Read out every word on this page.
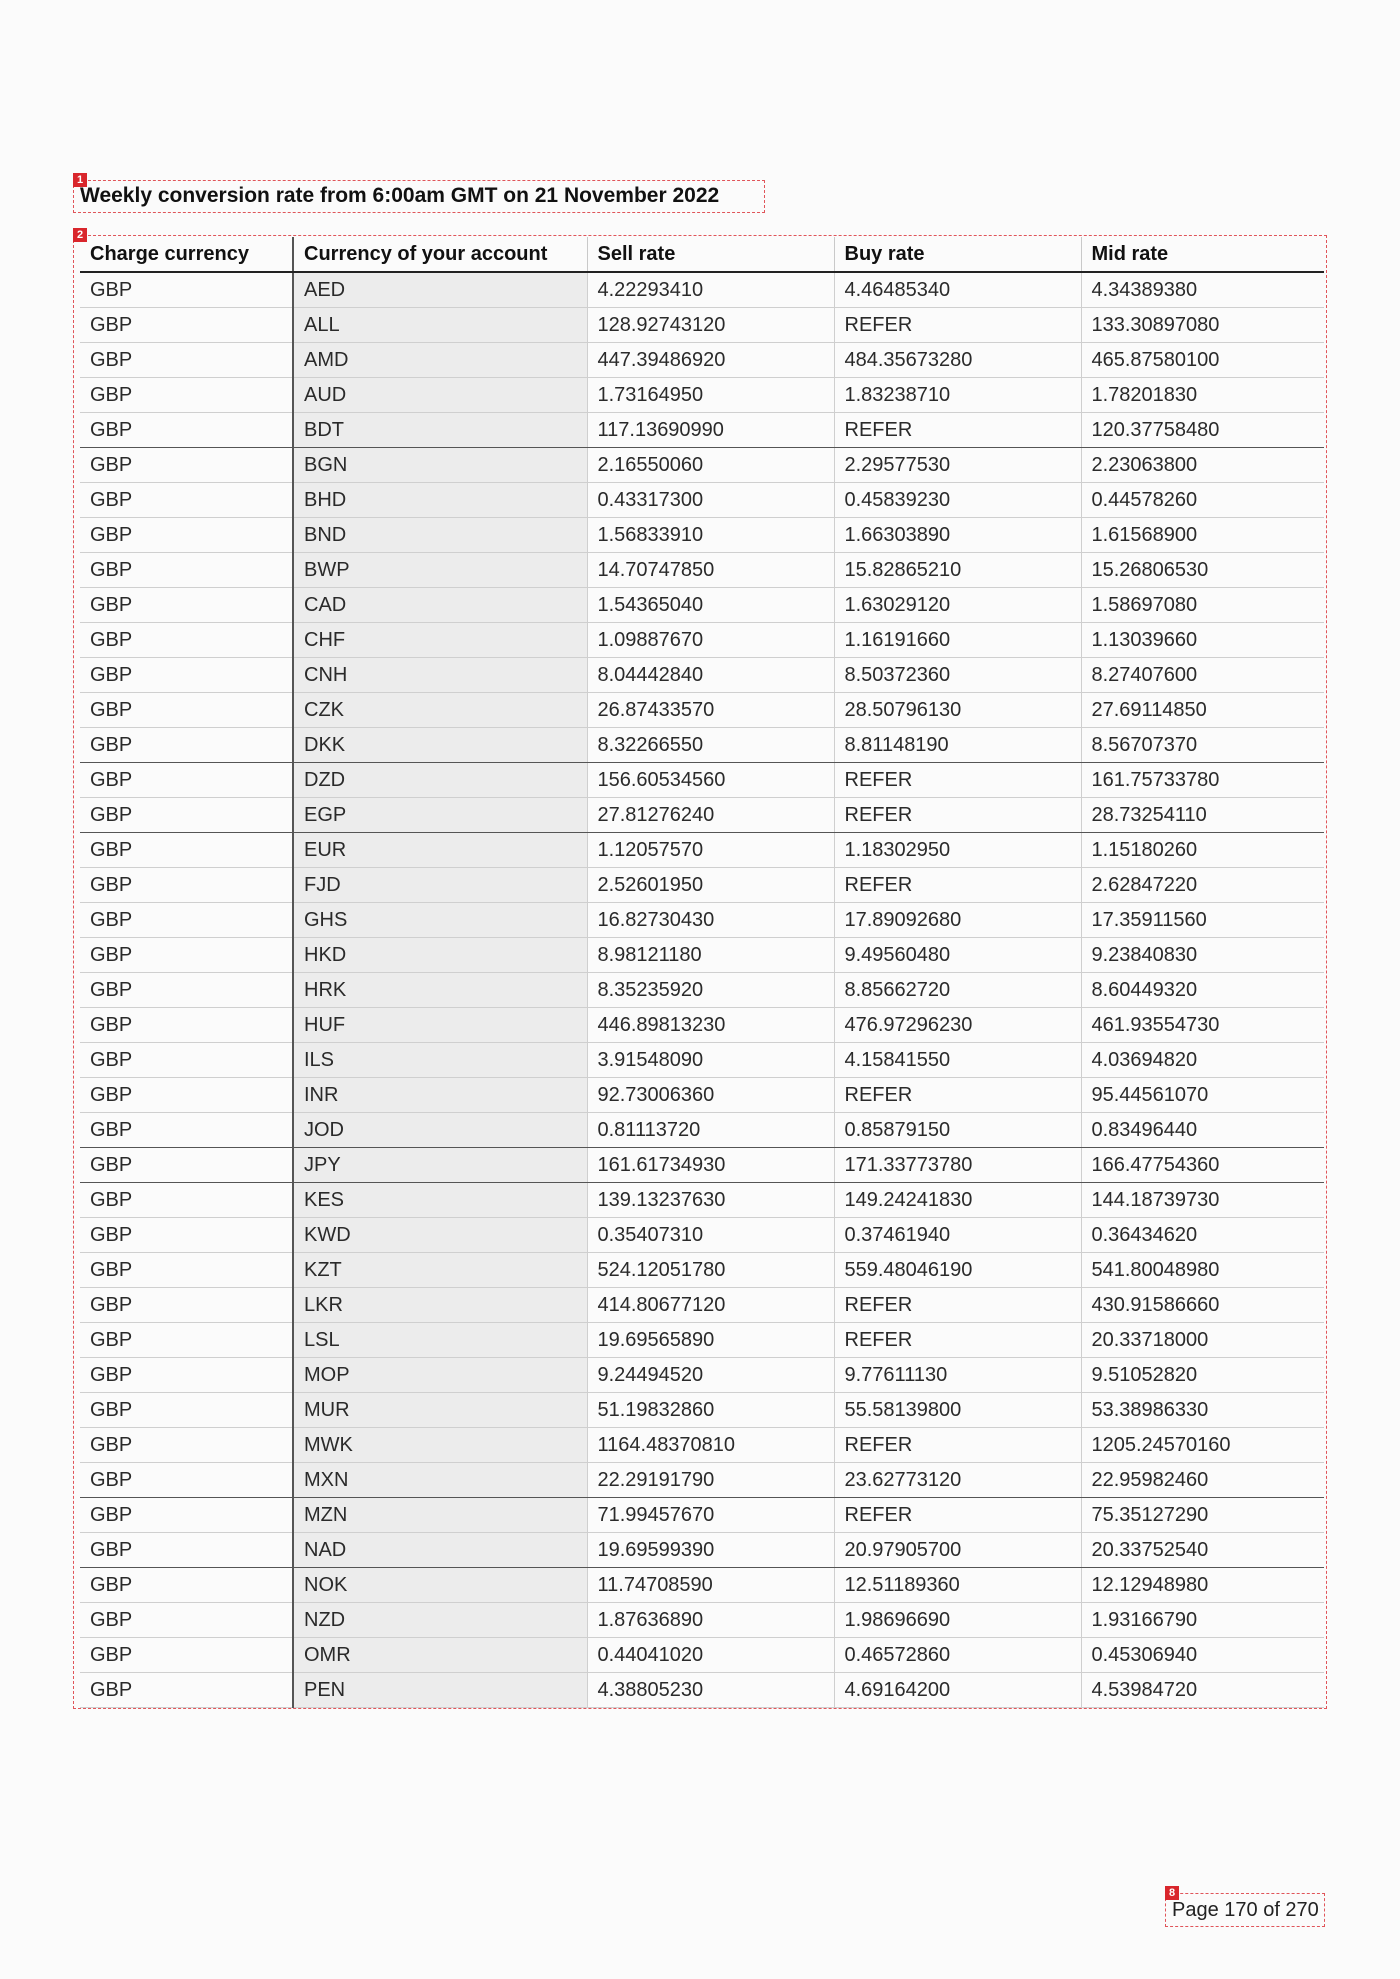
1
2
8
Weekly conversion rate from 6:00am GMT on 21 November 2022
Charge currency	Currency of your account	Sell rate	Buy rate	Mid rate
GBP	AED	4.22293410	4.46485340	4.34389380
GBP	ALL	128.92743120	REFER	133.30897080
GBP	AMD	447.39486920	484.35673280	465.87580100
GBP	AUD	1.73164950	1.83238710	1.78201830
GBP	BDT	117.13690990	REFER	120.37758480
GBP	BGN	2.16550060	2.29577530	2.23063800
GBP	BHD	0.43317300	0.45839230	0.44578260
GBP	BND	1.56833910	1.66303890	1.61568900
GBP	BWP	14.70747850	15.82865210	15.26806530
GBP	CAD	1.54365040	1.63029120	1.58697080
GBP	CHF	1.09887670	1.16191660	1.13039660
GBP	CNH	8.04442840	8.50372360	8.27407600
GBP	CZK	26.87433570	28.50796130	27.69114850
GBP	DKK	8.32266550	8.81148190	8.56707370
GBP	DZD	156.60534560	REFER	161.75733780
GBP	EGP	27.81276240	REFER	28.73254110
GBP	EUR	1.12057570	1.18302950	1.15180260
GBP	FJD	2.52601950	REFER	2.62847220
GBP	GHS	16.82730430	17.89092680	17.35911560
GBP	HKD	8.98121180	9.49560480	9.23840830
GBP	HRK	8.35235920	8.85662720	8.60449320
GBP	HUF	446.89813230	476.97296230	461.93554730
GBP	ILS	3.91548090	4.15841550	4.03694820
GBP	INR	92.73006360	REFER	95.44561070
GBP	JOD	0.81113720	0.85879150	0.83496440
GBP	JPY	161.61734930	171.33773780	166.47754360
GBP	KES	139.13237630	149.24241830	144.18739730
GBP	KWD	0.35407310	0.37461940	0.36434620
GBP	KZT	524.12051780	559.48046190	541.80048980
GBP	LKR	414.80677120	REFER	430.91586660
GBP	LSL	19.69565890	REFER	20.33718000
GBP	MOP	9.24494520	9.77611130	9.51052820
GBP	MUR	51.19832860	55.58139800	53.38986330
GBP	MWK	1164.48370810	REFER	1205.24570160
GBP	MXN	22.29191790	23.62773120	22.95982460
GBP	MZN	71.99457670	REFER	75.35127290
GBP	NAD	19.69599390	20.97905700	20.33752540
GBP	NOK	11.74708590	12.51189360	12.12948980
GBP	NZD	1.87636890	1.98696690	1.93166790
GBP	OMR	0.44041020	0.46572860	0.45306940
GBP	PEN	4.38805230	4.69164200	4.53984720
Page 170 of 270
